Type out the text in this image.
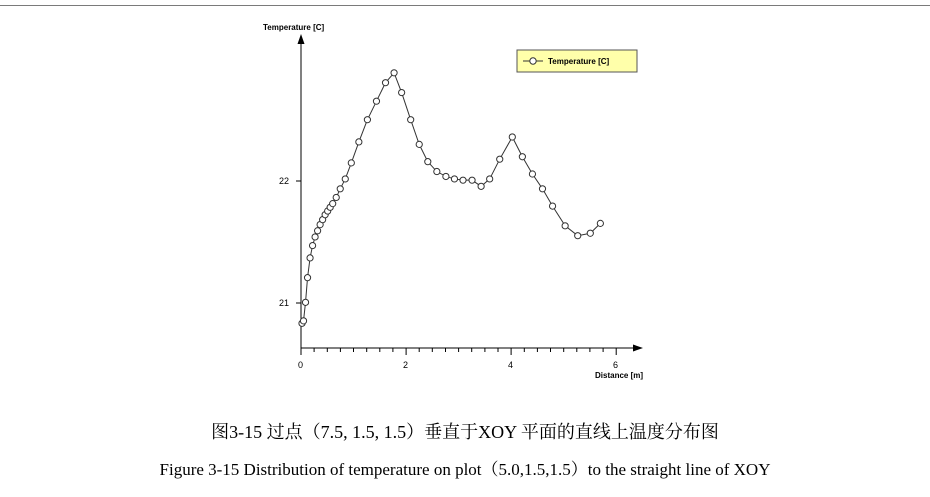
Temperature [C]
Distance [m]
21
22
0	2	4	6
Temperature [C]
图3-15 过点（7.5, 1.5, 1.5）垂直于XOY 平面的直线上温度分布图
Figure 3-15 Distribution of temperature on plot（5.0,1.5,1.5）to the straight line of XOY
